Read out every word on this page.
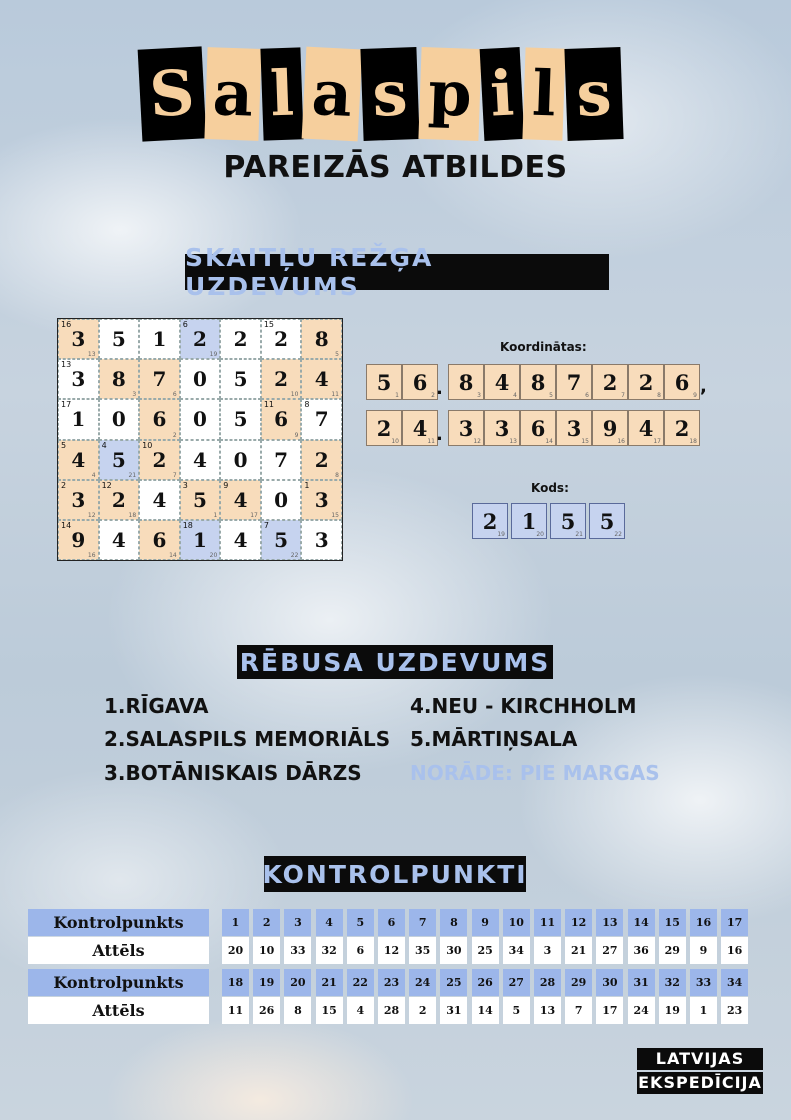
S a l a s p i l s
PAREIZĀS ATBILDES
SKAITĻU REŽĢA UZDEVUMS
3
16
13
5 1 2
6
19
2 2
15
8
5
3
13
8
3
7
6
0 5 2
10
4
11
1
17
0 6
2
0 5 6
11
9
7
8
4
5
4
5
4
21
2
10
7
4 0 7 2
8
3
2
12
2
12
18
4 5
3
1
4
9
17
0 3
1
15
9
14
16
4 6
14
1
18
20
4 5
7
22
3
Koordinātas:
5
1
6
2 . 8
3
4
4
8
5
7
6
2
7
2
8
6
9 ,
2
10
4
11 . 3
12
3
13
6
14
3
15
9
16
4
17
2
18
Kods:
2
19
1
20
5
21
5
22
RĒBUSA UZDEVUMS
1.RĪGAVA
2.SALASPILS MEMORIĀLS
3.BOTĀNISKAIS DĀRZS
4.NEU - KIRCHHOLM
5.MĀRTIŅSALA
NORĀDE: PIE MARGAS
KONTROLPUNKTI
Kontrolpunkts
Attēls
Kontrolpunkts
Attēls
1
20
2
10
3
33
4
32
5
6
6
12
7
35
8
30
9
25
10
34
11
3
12
21
13
27
14
36
15
29
16
9
17
16
18
11
19
26
20
8
21
15
22
4
23
28
24
2
25
31
26
14
27
5
28
13
29
7
30
17
31
24
32
19
33
1
34
23
LATVIJAS
EKSPEDĪCIJA
